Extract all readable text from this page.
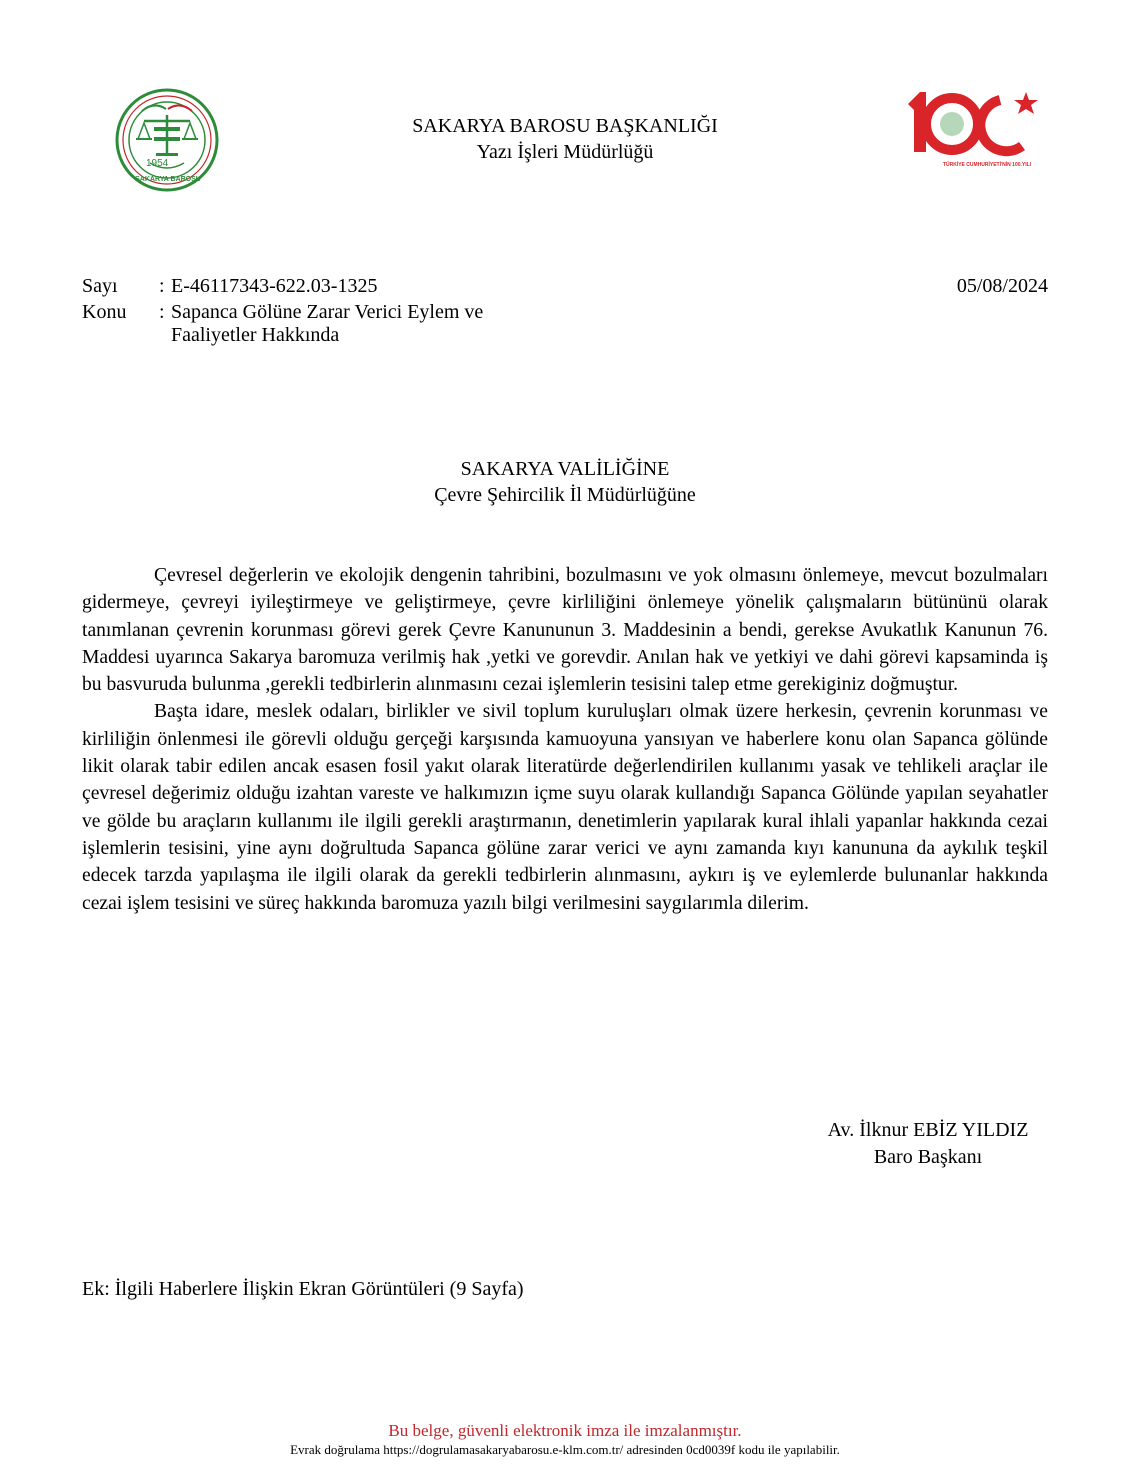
1954
SAKARYA BAROSU
SAKARYA BAROSU BAŞKANLIĞI
Yazı İşleri Müdürlüğü
TÜRKİYE CUMHURİYETİ'NİN 100.YILI
Sayı : E-46117343-622.03-1325	05/08/2024
Konu : Sapanca Gölüne Zarar Verici Eylem ve
Faaliyetler Hakkında
SAKARYA VALİLİĞİNE
Çevre Şehircilik İl Müdürlüğüne

Çevresel değerlerin ve ekolojik dengenin tahribini, bozulmasını ve yok olmasını önlemeye, mevcut bozulmaları gidermeye, çevreyi iyileştirmeye ve geliştirmeye, çevre kirliliğini önlemeye yönelik çalışmaların bütününü olarak tanımlanan çevrenin korunması görevi gerek Çevre Kanununun 3. Maddesinin a bendi, gerekse Avukatlık Kanunun 76. Maddesi uyarınca Sakarya baromuza verilmiş hak ,yetki ve gorevdir. Anılan hak ve yetkiyi ve dahi görevi kapsaminda iş bu basvuruda bulunma ,gerekli tedbirlerin alınmasını cezai işlemlerin tesisini talep etme gerekiginiz doğmuştur.

Başta idare, meslek odaları, birlikler ve sivil toplum kuruluşları olmak üzere herkesin, çevrenin korunması ve kirliliğin önlenmesi ile görevli olduğu gerçeği karşısında kamuoyuna yansıyan ve haberlere konu olan Sapanca gölünde likit olarak tabir edilen ancak esasen fosil yakıt olarak literatürde değerlendirilen kullanımı yasak ve tehlikeli araçlar ile çevresel değerimiz olduğu izahtan vareste ve halkımızın içme suyu olarak kullandığı Sapanca Gölünde yapılan seyahatler ve gölde bu araçların kullanımı ile ilgili gerekli araştırmanın, denetimlerin yapılarak kural ihlali yapanlar hakkında cezai işlemlerin tesisini, yine aynı doğrultuda Sapanca gölüne zarar verici ve aynı zamanda kıyı kanununa da aykılık teşkil edecek tarzda yapılaşma ile ilgili olarak da gerekli tedbirlerin alınmasını, aykırı iş ve eylemlerde bulunanlar hakkında cezai işlem tesisini ve süreç hakkında baromuza yazılı bilgi verilmesini saygılarımla dilerim.

Av. İlknur EBİZ YILDIZ
Baro Başkanı
Ek: İlgili Haberlere İlişkin Ekran Görüntüleri (9 Sayfa)
Bu belge, güvenli elektronik imza ile imzalanmıştır.
Evrak doğrulama https://dogrulamasakaryabarosu.e-klm.com.tr/ adresinden 0cd0039f kodu ile yapılabilir.
